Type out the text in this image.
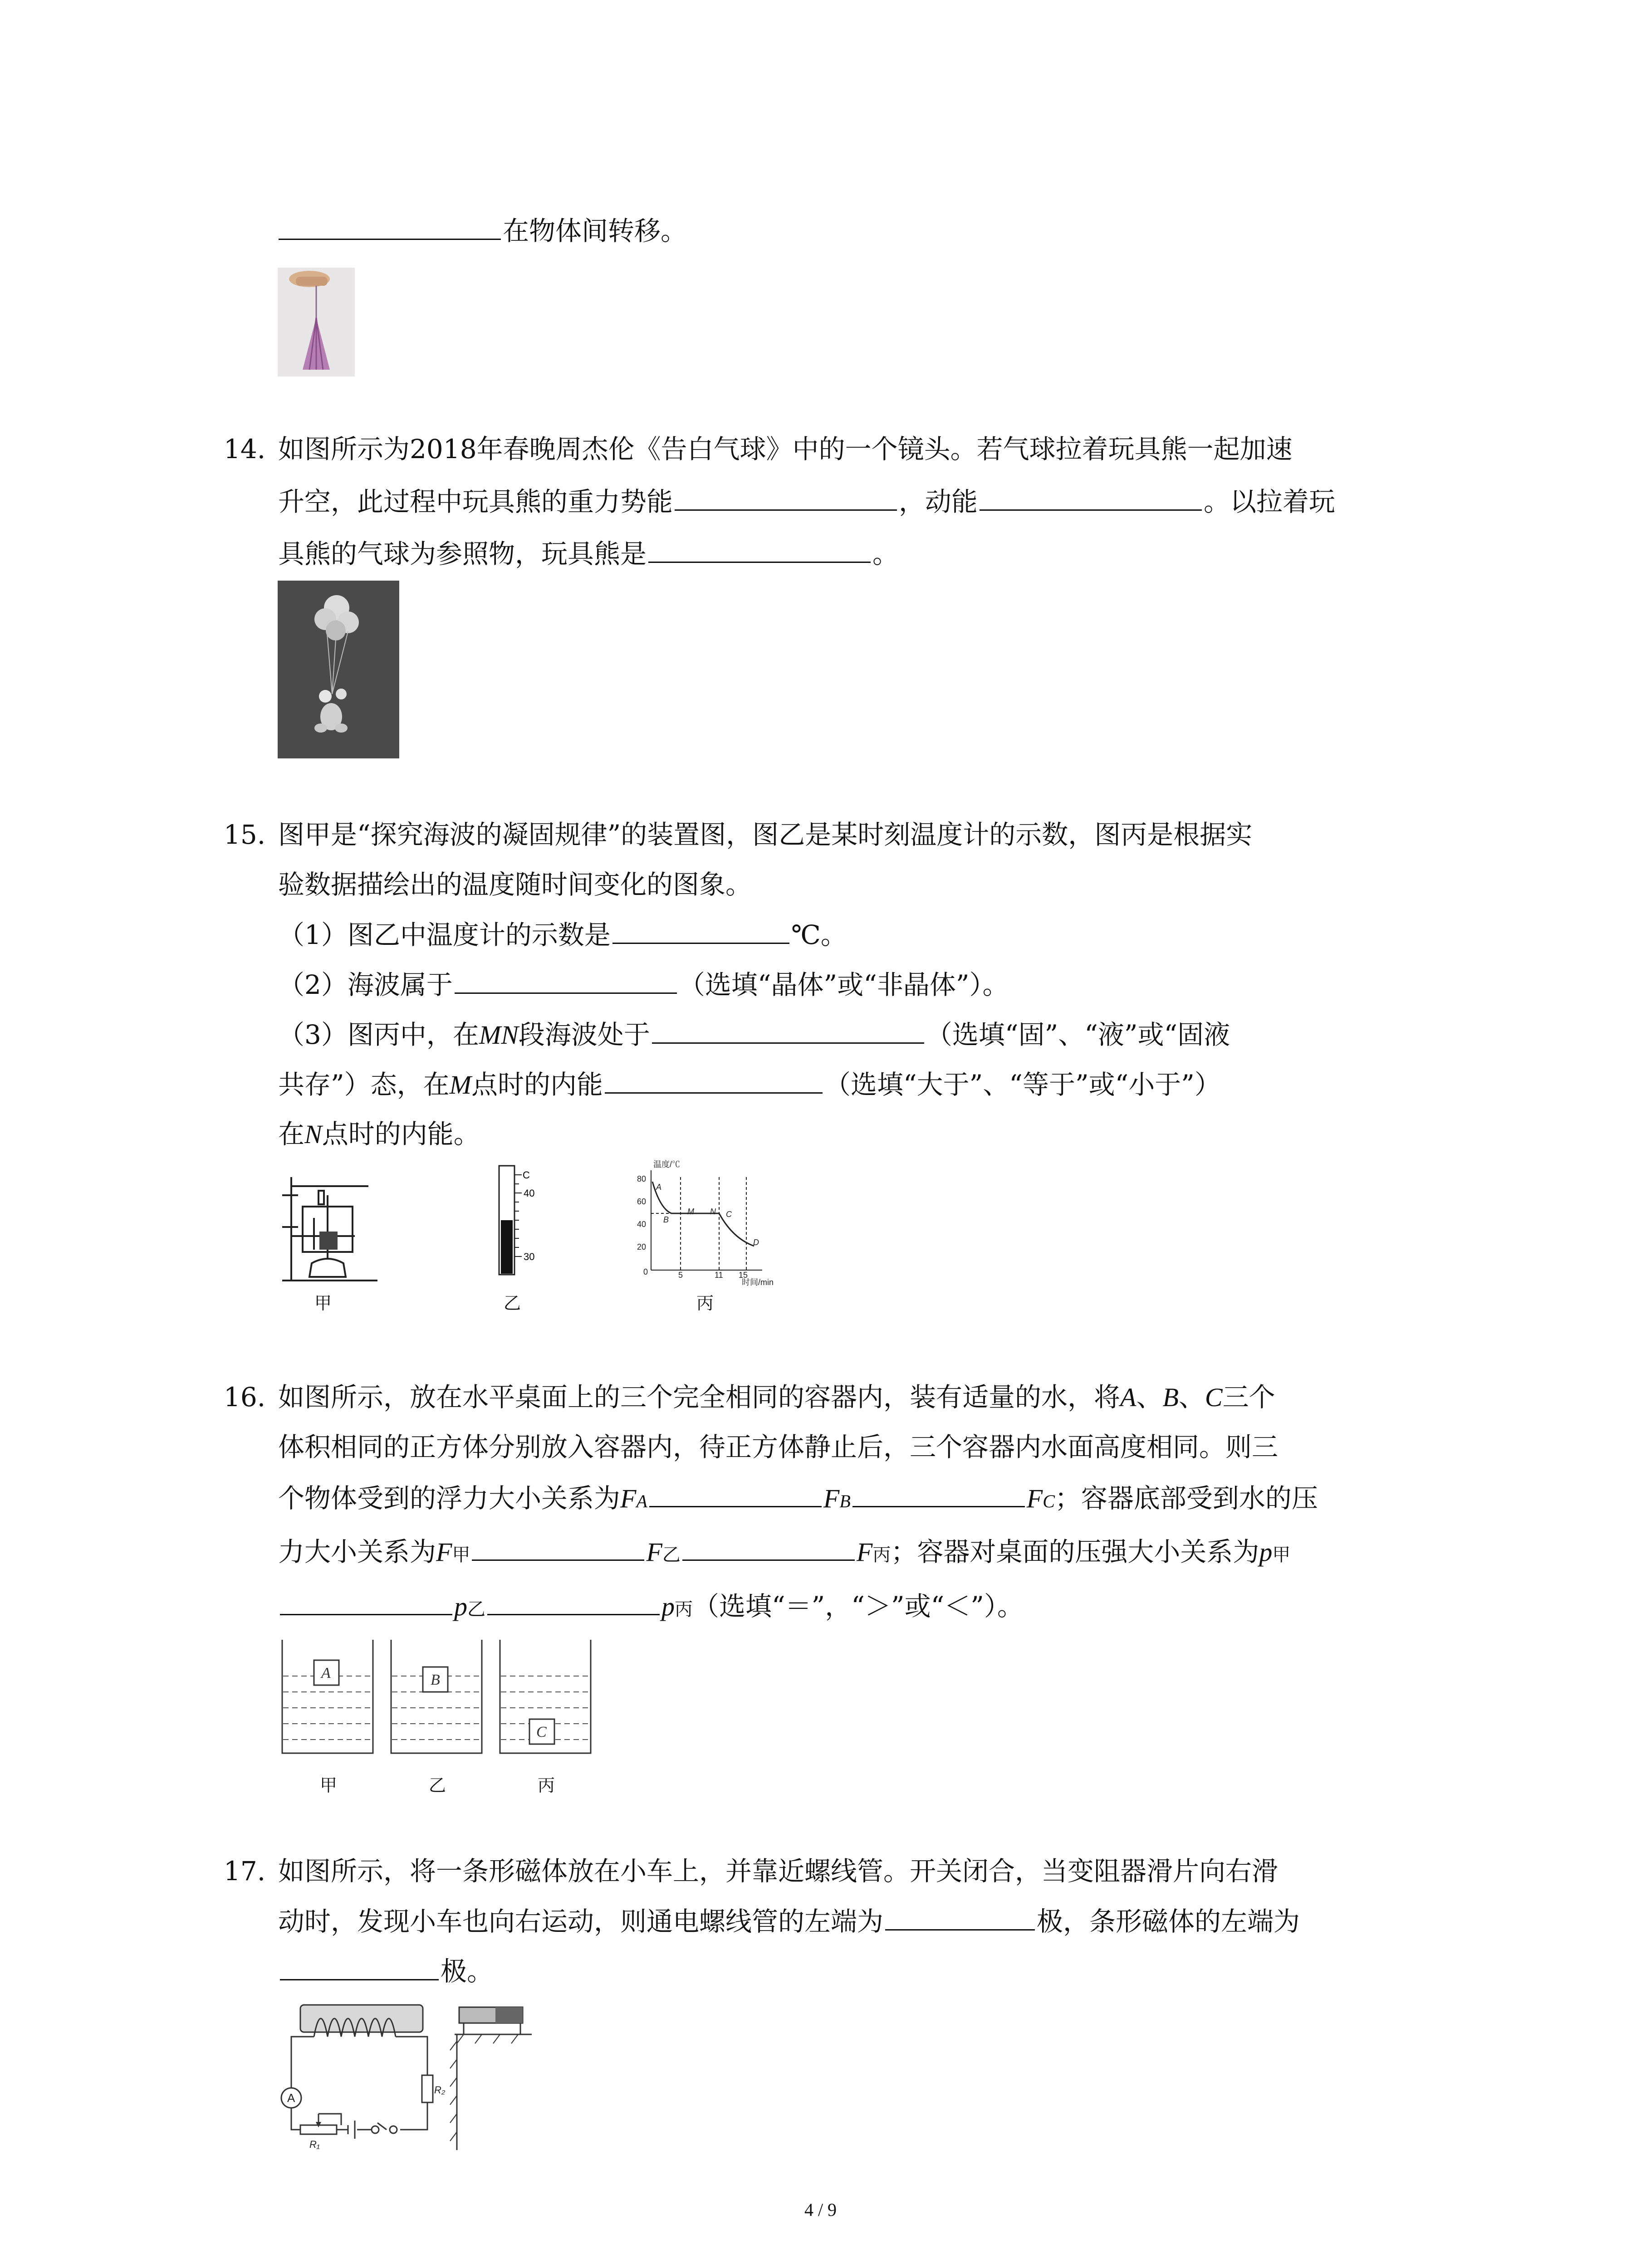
在物体间转移。
14. 如图所示为2018年春晚周杰伦《告白气球》中的一个镜头。若气球拉着玩具熊一起加速
升空，此过程中玩具熊的重力势能	，动能	。以拉着玩
具熊的气球为参照物，玩具熊是	。
15. 图甲是“探究海波的凝固规律”的装置图，图乙是某时刻温度计的示数，图丙是根据实
验数据描绘出的温度随时间变化的图象。
（1）图乙中温度计的示数是	℃。
（2）海波属于	（选填“晶体”或“非晶体”）。
（3）图丙中，在MN段海波处于	（选填“固”、“液”或“固液
共存”）态，在M点时的内能	（选填“大于”、“等于”或“小于”）
在N点时的内能。
甲
C
40
30
乙
温度/℃
时间/min
80
60
40
20
0	5	11 15
A
B
M N C
D
丙
16. 如图所示，放在水平桌面上的三个完全相同的容器内，装有适量的水，将A、B、C三个
体积相同的正方体分别放入容器内，待正方体静止后，三个容器内水面高度相同。则三
个物体受到的浮力大小关系为FA	FB	FC；容器底部受到水的压
力大小关系为F甲	F乙	F丙；容器对桌面的压强大小关系为p甲
p乙	p丙（选填“＝”，“＞”或“＜”）。
A	B
C
甲	乙	丙
17. 如图所示，将一条形磁体放在小车上，并靠近螺线管。开关闭合，当变阻器滑片向右滑
动时，发现小车也向右运动，则通电螺线管的左端为	极，条形磁体的左端为
极。
A
R₂
R₁
4 / 9
